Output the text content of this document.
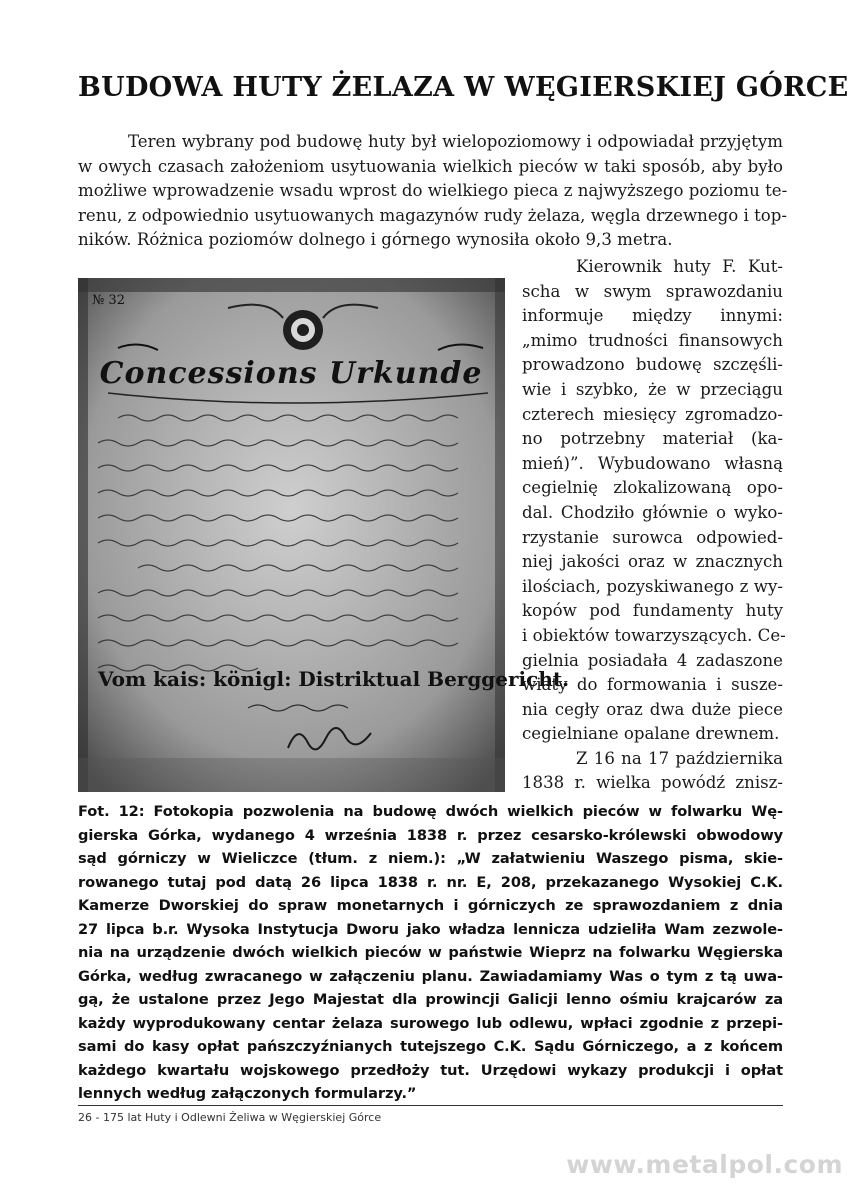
BUDOWA HUTY ŻELAZA W WĘGIERSKIEJ GÓRCE
Teren wybrany pod budowę huty był wielopoziomowy i odpowiadał przyjętym
w owych czasach założeniom usytuowania wielkich pieców w taki sposób, aby było
możliwe wprowadzenie wsadu wprost do wielkiego pieca z najwyższego poziomu te-
renu, z odpowiednio usytuowanych magazynów rudy żelaza, węgla drzewnego i top-
ników. Różnica poziomów dolnego i górnego wynosiła około 9,3 metra.
№ 32
Concessions Urkunde
Vom kais: königl: Distriktual Berggericht.
Kierownik huty F. Kut-
scha w swym sprawozdaniu
informuje między innymi:
„mimo trudności finansowych
prowadzono budowę szczęśli-
wie i szybko, że w przeciągu
czterech miesięcy zgromadzo-
no potrzebny materiał (ka-
mień)”. Wybudowano własną
cegielnię zlokalizowaną opo-
dal. Chodziło głównie o wyko-
rzystanie surowca odpowied-
niej jakości oraz w znacznych
ilościach, pozyskiwanego z wy-
kopów pod fundamenty huty
i obiektów towarzyszących. Ce-
gielnia posiadała 4 zadaszone
wiaty do formowania i susze-
nia cegły oraz dwa duże piece
cegielniane opalane drewnem.
Z 16 na 17 października
1838 r. wielka powódź znisz-
Fot. 12: Fotokopia pozwolenia na budowę dwóch wielkich pieców w folwarku Wę-
gierska Górka, wydanego 4 września 1838 r. przez cesarsko-królewski obwodowy
sąd górniczy w Wieliczce (tłum. z niem.): „W załatwieniu Waszego pisma, skie-
rowanego tutaj pod datą 26 lipca 1838 r. nr. E, 208, przekazanego Wysokiej C.K.
Kamerze Dworskiej do spraw monetarnych i górniczych ze sprawozdaniem z dnia
27 lipca b.r. Wysoka Instytucja Dworu jako władza lennicza udzieliła Wam zezwole-
nia na urządzenie dwóch wielkich pieców w państwie Wieprz na folwarku Węgierska
Górka, według zwracanego w załączeniu planu. Zawiadamiamy Was o tym z tą uwa-
gą, że ustalone przez Jego Majestat dla prowincji Galicji lenno ośmiu krajcarów za
każdy wyprodukowany centar żelaza surowego lub odlewu, wpłaci zgodnie z przepi-
sami do kasy opłat pańszczyźnianych tutejszego C.K. Sądu Górniczego, a z końcem
każdego kwartału wojskowego przedłoży tut. Urzędowi wykazy produkcji i opłat
lennych według załączonych formularzy.”
26 - 175 lat Huty i Odlewni Żeliwa w Węgierskiej Górce
www.metalpol.com
